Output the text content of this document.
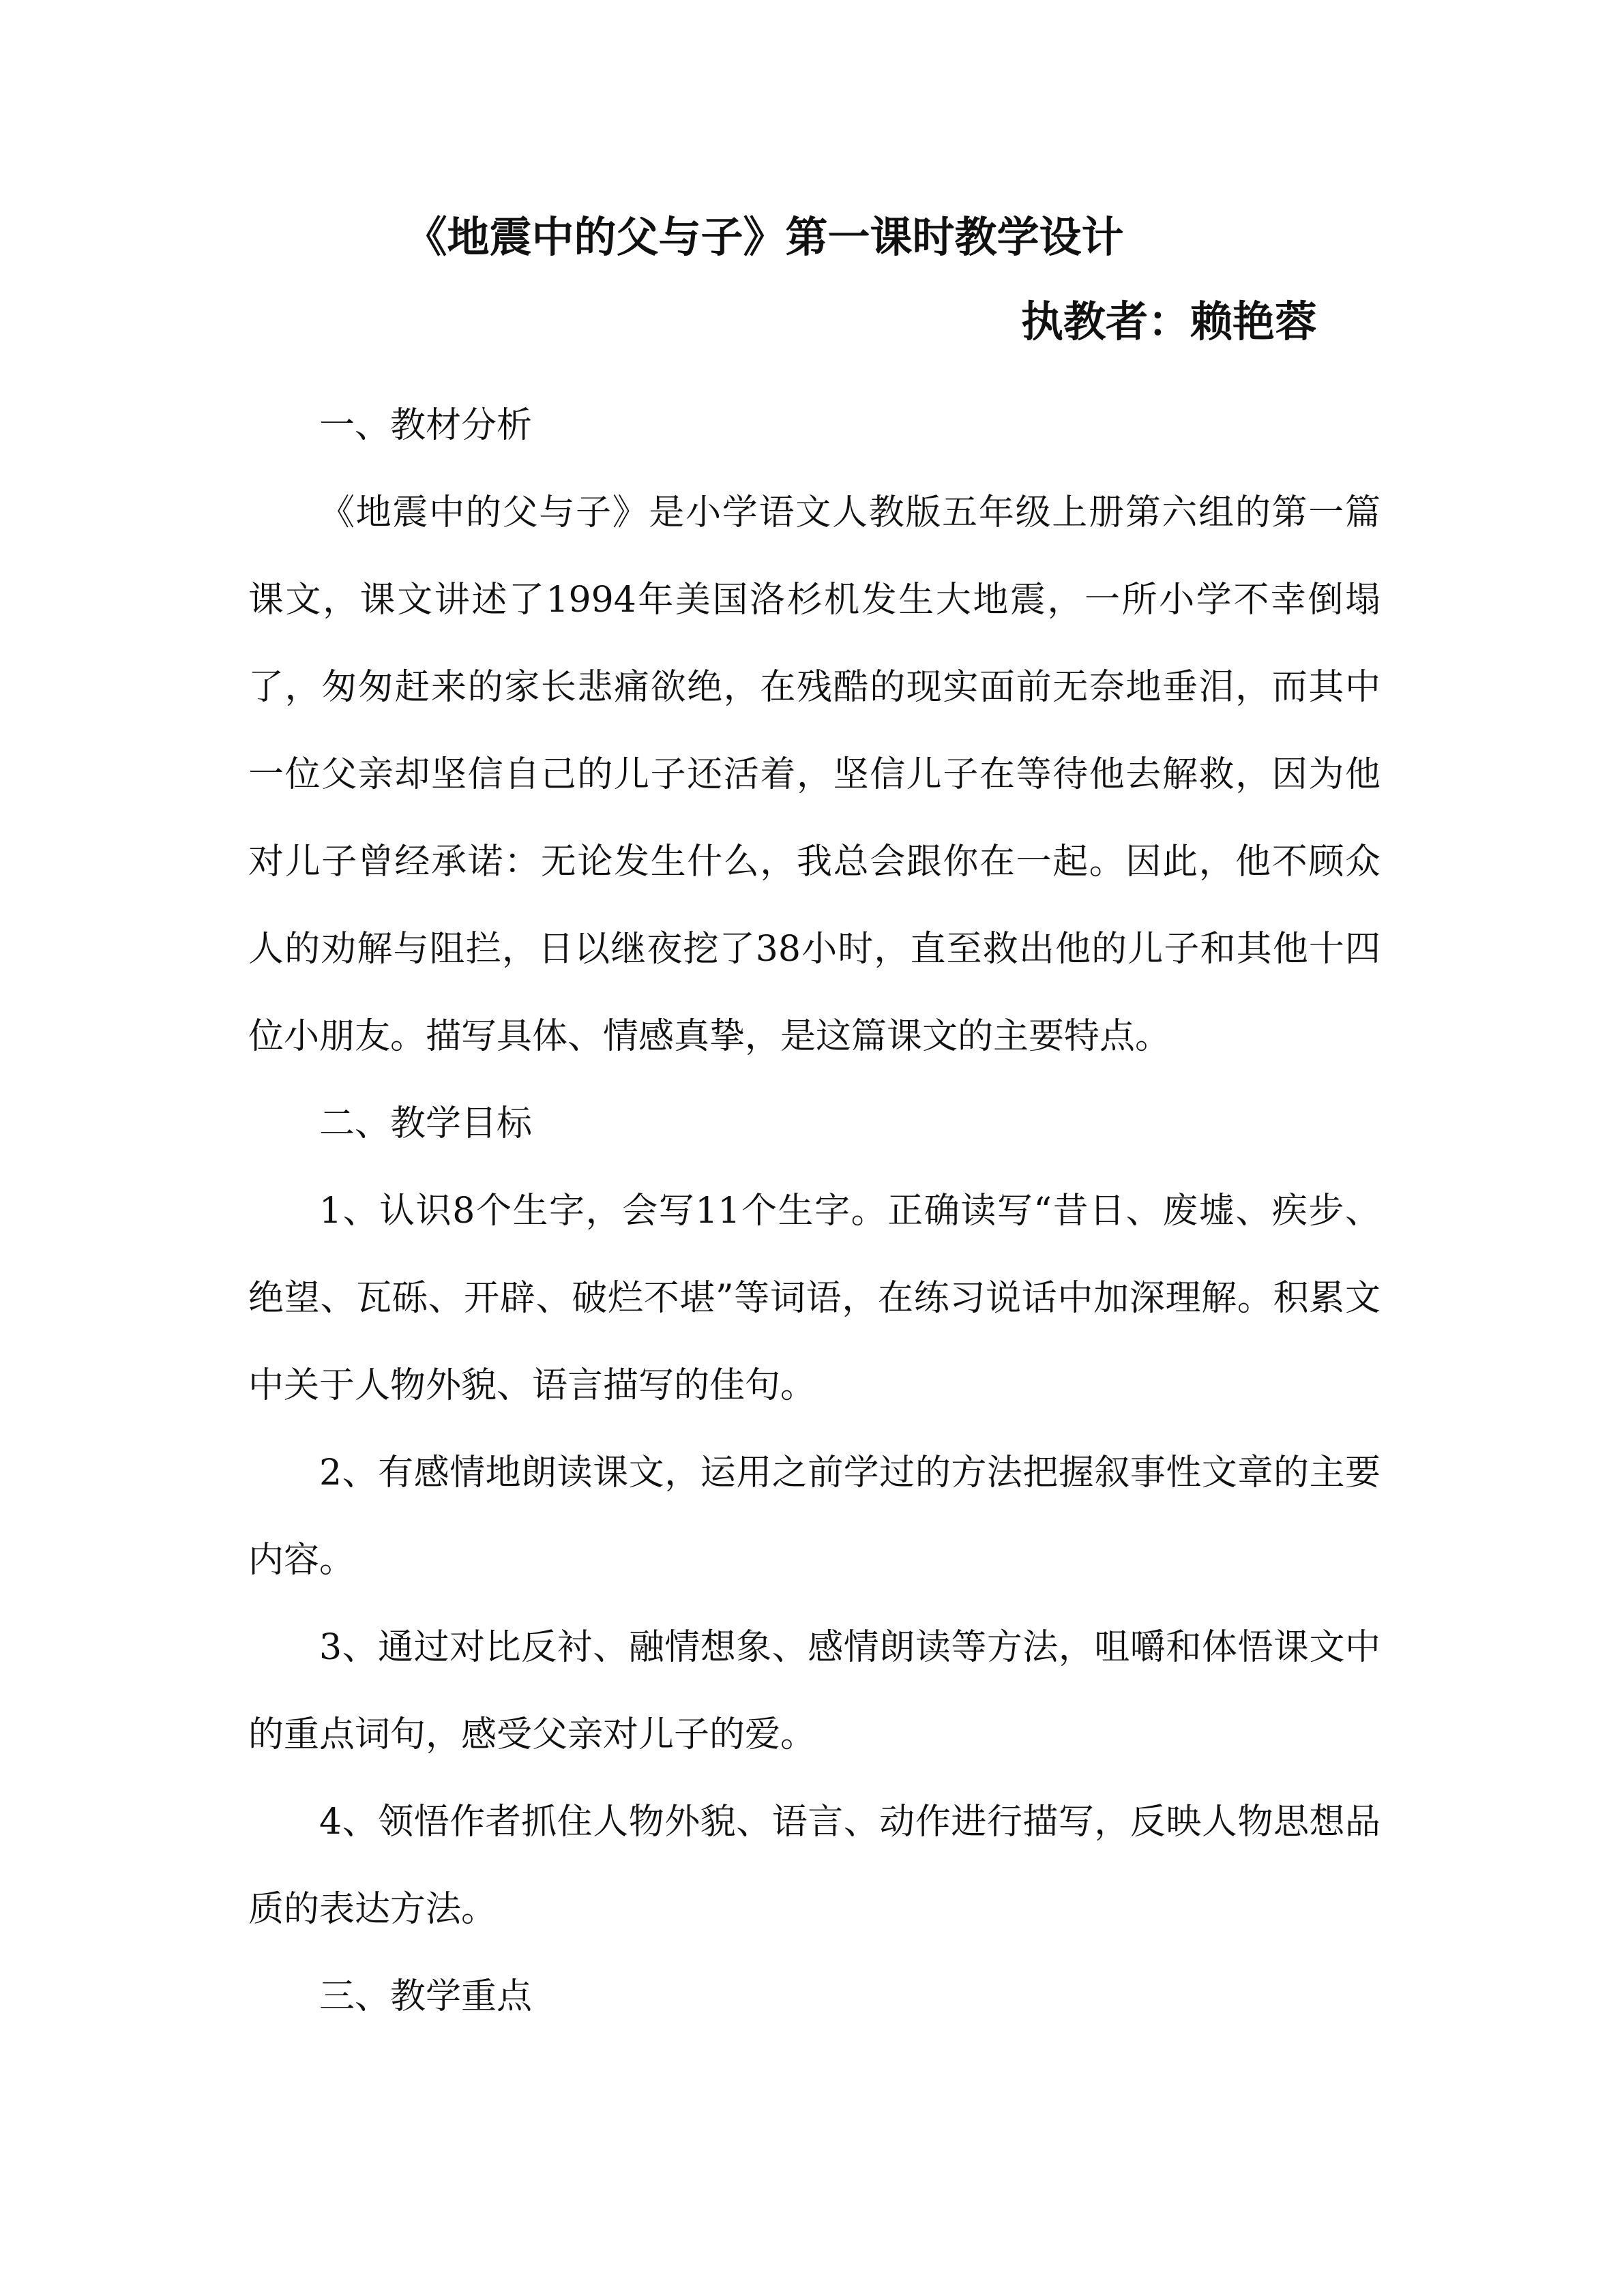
《地震中的父与子》第一课时教学设计
执教者：赖艳蓉

一、教材分析

《地震中的父与子》是小学语文人教版五年级上册第六组的第一篇课文，课文讲述了1994年美国洛杉机发生大地震，一所小学不幸倒塌了，匆匆赶来的家长悲痛欲绝，在残酷的现实面前无奈地垂泪，而其中一位父亲却坚信自己的儿子还活着，坚信儿子在等待他去解救，因为他对儿子曾经承诺：无论发生什么，我总会跟你在一起。因此，他不顾众人的劝解与阻拦，日以继夜挖了38小时，直至救出他的儿子和其他十四位小朋友。描写具体、情感真挚，是这篇课文的主要特点。

二、教学目标

1、认识8个生字，会写11个生字。正确读写“昔日、废墟、疾步、绝望、瓦砾、开辟、破烂不堪”等词语，在练习说话中加深理解。积累文中关于人物外貌、语言描写的佳句。

2、有感情地朗读课文，运用之前学过的方法把握叙事性文章的主要内容。

3、通过对比反衬、融情想象、感情朗读等方法，咀嚼和体悟课文中的重点词句，感受父亲对儿子的爱。

4、领悟作者抓住人物外貌、语言、动作进行描写，反映人物思想品质的表达方法。

三、教学重点
